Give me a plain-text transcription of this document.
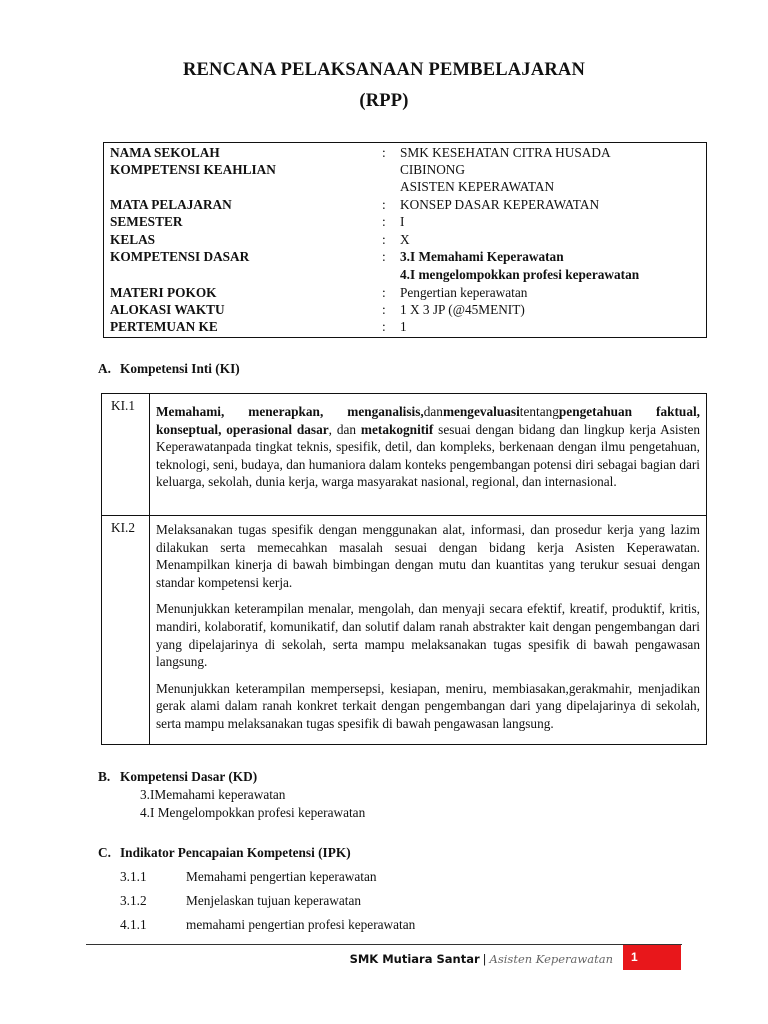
RENCANA PELAKSANAAN PEMBELAJARAN
(RPP)
NAMA SEKOLAH	: SMK KESEHATAN CITRA HUSADA
KOMPETENSI KEAHLIAN	CIBINONG
ASISTEN KEPERAWATAN
MATA PELAJARAN	: KONSEP DASAR KEPERAWATAN
SEMESTER	: I
KELAS	: X
KOMPETENSI DASAR	: 3.I Memahami Keperawatan
4.I mengelompokkan profesi keperawatan
MATERI POKOK	: Pengertian keperawatan
ALOKASI WAKTU	: 1 X 3 JP (@45MENIT)
PERTEMUAN KE	: 1
A. Kompetensi Inti (KI)
KI.1 Memahami, menerapkan, menganalisis,danmengevaluasitentangpengetahuan faktual, konseptual, operasional dasar, dan metakognitif sesuai dengan bidang dan lingkup kerja Asisten Keperawatanpada tingkat teknis, spesifik, detil, dan kompleks, berkenaan dengan ilmu pengetahuan, teknologi, seni, budaya, dan humaniora dalam konteks pengembangan potensi diri sebagai bagian dari keluarga, sekolah, dunia kerja, warga masyarakat nasional, regional, dan internasional.
KI.2 Melaksanakan tugas spesifik dengan menggunakan alat, informasi, dan prosedur kerja yang lazim dilakukan serta memecahkan masalah sesuai dengan bidang kerja Asisten Keperawatan. Menampilkan kinerja di bawah bimbingan dengan mutu dan kuantitas yang terukur sesuai dengan standar kompetensi kerja.

Menunjukkan keterampilan menalar, mengolah, dan menyaji secara efektif, kreatif, produktif, kritis, mandiri, kolaboratif, komunikatif, dan solutif dalam ranah abstrakter kait dengan pengembangan dari yang dipelajarinya di sekolah, serta mampu melaksanakan tugas spesifik di bawah pengawasan langsung.

Menunjukkan keterampilan mempersepsi, kesiapan, meniru, membiasakan,gerakmahir, menjadikan gerak alami dalam ranah konkret terkait dengan pengembangan dari yang dipelajarinya di sekolah, serta mampu melaksanakan tugas spesifik di bawah pengawasan langsung.

B. Kompetensi Dasar (KD)
3.IMemahami keperawatan
4.I Mengelompokkan profesi keperawatan
C. Indikator Pencapaian Kompetensi (IPK)
3.1.1	Memahami pengertian keperawatan
3.1.2	Menjelaskan tujuan keperawatan
4.1.1	memahami pengertian profesi keperawatan
SMK Mutiara Santar | Asisten Keperawatan	1
